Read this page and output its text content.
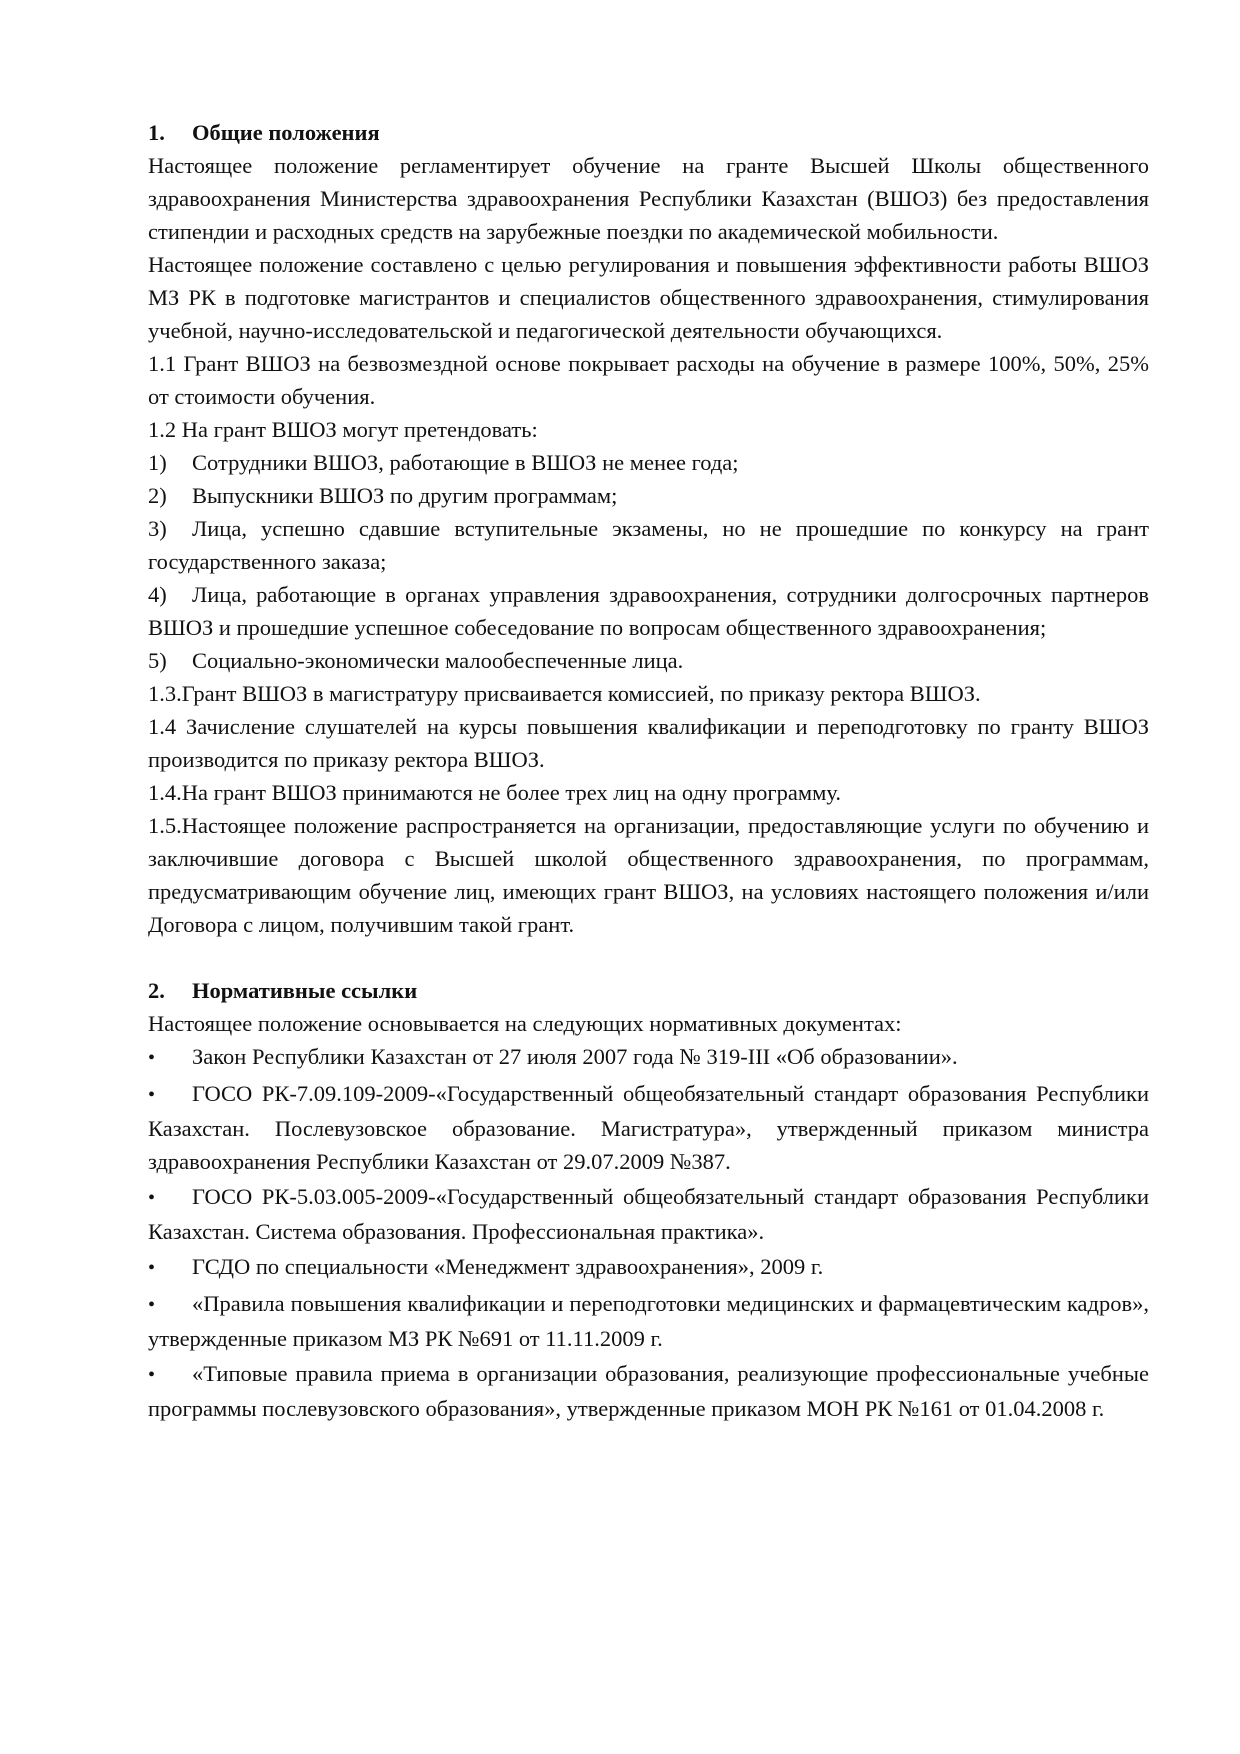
1.	Общие положения

Настоящее положение регламентирует обучение на гранте Высшей Школы общественного здравоохранения Министерства здравоохранения Республики Казахстан (ВШОЗ) без предоставления стипендии и расходных средств на зарубежные поездки по академической мобильности.

Настоящее положение составлено с целью регулирования и повышения эффективности работы ВШОЗ МЗ РК в подготовке магистрантов и специалистов общественного здравоохранения, стимулирования учебной, научно-исследовательской и педагогической деятельности обучающихся.

1.1 Грант ВШОЗ на безвозмездной основе покрывает расходы на обучение в размере 100%, 50%, 25% от стоимости обучения.

1.2 На грант ВШОЗ могут претендовать:

1) Сотрудники ВШОЗ, работающие в ВШОЗ не менее года;

2) Выпускники ВШОЗ по другим программам;

3) Лица, успешно сдавшие вступительные экзамены, но не прошедшие по конкурсу на грант государственного заказа;

4) Лица, работающие в органах управления здравоохранения, сотрудники долгосрочных партнеров ВШОЗ и прошедшие успешное собеседование по вопросам общественного здравоохранения;

5) Социально-экономически малообеспеченные лица.

1.3.Грант ВШОЗ в магистратуру присваивается комиссией, по приказу ректора ВШОЗ.

1.4 Зачисление слушателей на курсы повышения квалификации и переподготовку по гранту ВШОЗ производится по приказу ректора ВШОЗ.

1.4.На грант ВШОЗ принимаются не более трех лиц на одну программу.

1.5.Настоящее положение распространяется на организации, предоставляющие услуги по обучению и заключившие договора с Высшей школой общественного здравоохранения, по программам, предусматривающим обучение лиц, имеющих грант ВШОЗ, на условиях настоящего положения и/или Договора с лицом, получившим такой грант.

2.	Нормативные ссылки

Настоящее положение основывается на следующих нормативных документах:

• Закон Республики Казахстан от 27 июля 2007 года № 319-III «Об образовании».

• ГОСО РК-7.09.109-2009-«Государственный общеобязательный стандарт образования Республики Казахстан. Послевузовское образование. Магистратура», утвержденный приказом министра здравоохранения Республики Казахстан от 29.07.2009 №387.

• ГОСО РК-5.03.005-2009-«Государственный общеобязательный стандарт образования Республики Казахстан. Система образования. Профессиональная практика».

• ГСДО по специальности «Менеджмент здравоохранения», 2009 г.

• «Правила повышения квалификации и переподготовки медицинских и фармацевтическим кадров», утвержденные приказом МЗ РК №691 от 11.11.2009 г.

• «Типовые правила приема в организации образования, реализующие профессиональные учебные программы послевузовского образования», утвержденные приказом МОН РК №161 от 01.04.2008 г.
